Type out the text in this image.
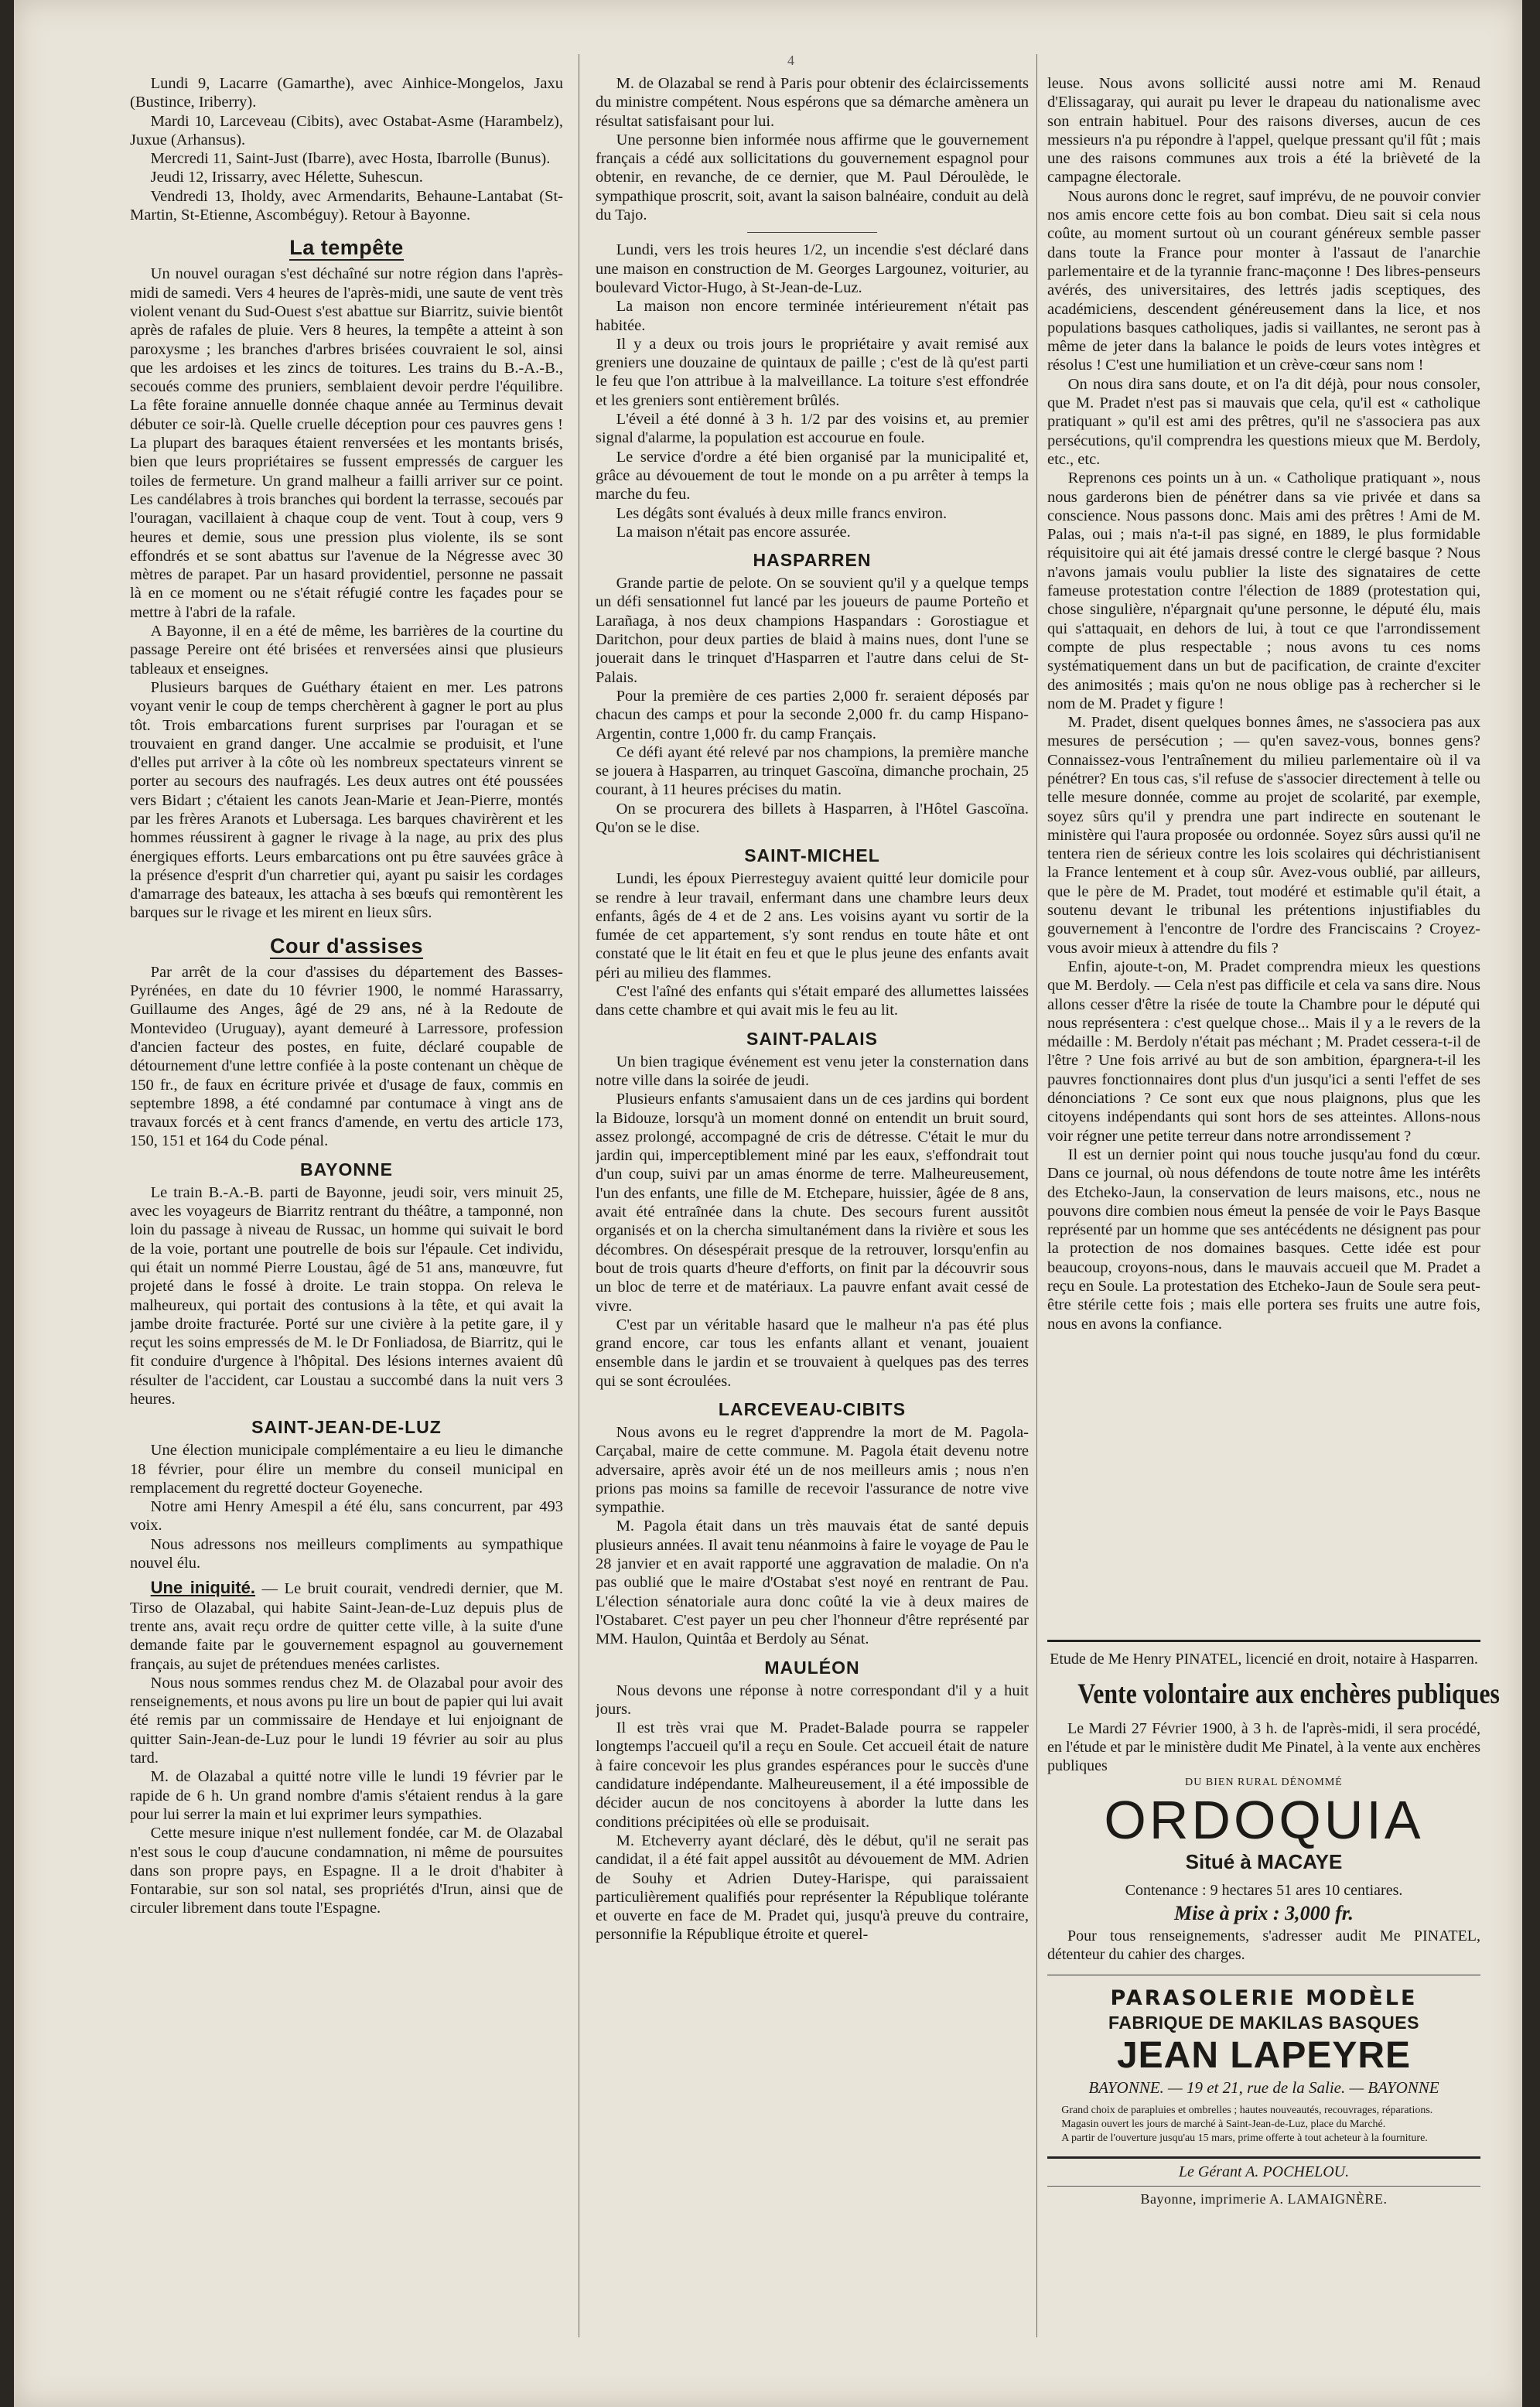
4

Lundi 9, Lacarre (Gamarthe), avec Ainhice-Mongelos, Jaxu (Bustince, Iriberry).

Mardi 10, Larceveau (Cibits), avec Ostabat-Asme (Harambelz), Juxue (Arhansus).

Mercredi 11, Saint-Just (Ibarre), avec Hosta, Ibarrolle (Bunus).

Jeudi 12, Irissarry, avec Hélette, Suhescun.

Vendredi 13, Iholdy, avec Armendarits, Behaune-Lantabat (St-Martin, St-Etienne, Ascombéguy). Retour à Bayonne.

La tempête

Un nouvel ouragan s'est déchaîné sur notre région dans l'après-midi de samedi. Vers 4 heures de l'après-midi, une saute de vent très violent venant du Sud-Ouest s'est abattue sur Biarritz, suivie bientôt après de rafales de pluie. Vers 8 heures, la tempête a atteint à son paroxysme ; les branches d'arbres brisées couvraient le sol, ainsi que les ardoises et les zincs de toitures. Les trains du B.-A.-B., secoués comme des pruniers, semblaient devoir perdre l'équilibre. La fête foraine annuelle donnée chaque année au Terminus devait débuter ce soir-là. Quelle cruelle déception pour ces pauvres gens ! La plupart des baraques étaient renversées et les montants brisés, bien que leurs propriétaires se fussent empressés de carguer les toiles de fermeture. Un grand malheur a failli arriver sur ce point. Les candélabres à trois branches qui bordent la terrasse, secoués par l'ouragan, vacillaient à chaque coup de vent. Tout à coup, vers 9 heures et demie, sous une pression plus violente, ils se sont effondrés et se sont abattus sur l'avenue de la Négresse avec 30 mètres de parapet. Par un hasard providentiel, personne ne passait là en ce moment ou ne s'était réfugié contre les façades pour se mettre à l'abri de la rafale.

A Bayonne, il en a été de même, les barrières de la courtine du passage Pereire ont été brisées et renversées ainsi que plusieurs tableaux et enseignes.

Plusieurs barques de Guéthary étaient en mer. Les patrons voyant venir le coup de temps cherchèrent à gagner le port au plus tôt. Trois embarcations furent surprises par l'ouragan et se trouvaient en grand danger. Une accalmie se produisit, et l'une d'elles put arriver à la côte où les nombreux spectateurs vinrent se porter au secours des naufragés. Les deux autres ont été poussées vers Bidart ; c'étaient les canots Jean-Marie et Jean-Pierre, montés par les frères Aranots et Lubersaga. Les barques chavirèrent et les hommes réussirent à gagner le rivage à la nage, au prix des plus énergiques efforts. Leurs embarcations ont pu être sauvées grâce à la présence d'esprit d'un charretier qui, ayant pu saisir les cordages d'amarrage des bateaux, les attacha à ses bœufs qui remontèrent les barques sur le rivage et les mirent en lieux sûrs.

Cour d'assises

Par arrêt de la cour d'assises du département des Basses-Pyrénées, en date du 10 février 1900, le nommé Harassarry, Guillaume des Anges, âgé de 29 ans, né à la Redoute de Montevideo (Uruguay), ayant demeuré à Larressore, profession d'ancien facteur des postes, en fuite, déclaré coupable de détournement d'une lettre confiée à la poste contenant un chèque de 150 fr., de faux en écriture privée et d'usage de faux, commis en septembre 1898, a été condamné par contumace à vingt ans de travaux forcés et à cent francs d'amende, en vertu des article 173, 150, 151 et 164 du Code pénal.

BAYONNE

Le train B.-A.-B. parti de Bayonne, jeudi soir, vers minuit 25, avec les voyageurs de Biarritz rentrant du théâtre, a tamponné, non loin du passage à niveau de Russac, un homme qui suivait le bord de la voie, portant une poutrelle de bois sur l'épaule. Cet individu, qui était un nommé Pierre Loustau, âgé de 51 ans, manœuvre, fut projeté dans le fossé à droite. Le train stoppa. On releva le malheureux, qui portait des contusions à la tête, et qui avait la jambe droite fracturée. Porté sur une civière à la petite gare, il y reçut les soins empressés de M. le Dr Fonliadosa, de Biarritz, qui le fit conduire d'urgence à l'hôpital. Des lésions internes avaient dû résulter de l'accident, car Loustau a succombé dans la nuit vers 3 heures.

SAINT-JEAN-DE-LUZ

Une élection municipale complémentaire a eu lieu le dimanche 18 février, pour élire un membre du conseil municipal en remplacement du regretté docteur Goyeneche.

Notre ami Henry Amespil a été élu, sans concurrent, par 493 voix.

Nous adressons nos meilleurs compliments au sympathique nouvel élu.

Une iniquité. — Le bruit courait, vendredi dernier, que M. Tirso de Olazabal, qui habite Saint-Jean-de-Luz depuis plus de trente ans, avait reçu ordre de quitter cette ville, à la suite d'une demande faite par le gouvernement espagnol au gouvernement français, au sujet de prétendues menées carlistes.

Nous nous sommes rendus chez M. de Olazabal pour avoir des renseignements, et nous avons pu lire un bout de papier qui lui avait été remis par un commissaire de Hendaye et lui enjoignant de quitter Sain-Jean-de-Luz pour le lundi 19 février au soir au plus tard.

M. de Olazabal a quitté notre ville le lundi 19 février par le rapide de 6 h. Un grand nombre d'amis s'étaient rendus à la gare pour lui serrer la main et lui exprimer leurs sympathies.

Cette mesure inique n'est nullement fondée, car M. de Olazabal n'est sous le coup d'aucune condamnation, ni même de poursuites dans son propre pays, en Espagne. Il a le droit d'habiter à Fontarabie, sur son sol natal, ses propriétés d'Irun, ainsi que de circuler librement dans toute l'Espagne.

M. de Olazabal se rend à Paris pour obtenir des éclaircissements du ministre compétent. Nous espérons que sa démarche amènera un résultat satisfaisant pour lui.

Une personne bien informée nous affirme que le gouvernement français a cédé aux sollicitations du gouvernement espagnol pour obtenir, en revanche, de ce dernier, que M. Paul Déroulède, le sympathique proscrit, soit, avant la saison balnéaire, conduit au delà du Tajo.

Lundi, vers les trois heures 1/2, un incendie s'est déclaré dans une maison en construction de M. Georges Largounez, voiturier, au boulevard Victor-Hugo, à St-Jean-de-Luz.

La maison non encore terminée intérieurement n'était pas habitée.

Il y a deux ou trois jours le propriétaire y avait remisé aux greniers une douzaine de quintaux de paille ; c'est de là qu'est parti le feu que l'on attribue à la malveillance. La toiture s'est effondrée et les greniers sont entièrement brûlés.

L'éveil a été donné à 3 h. 1/2 par des voisins et, au premier signal d'alarme, la population est accourue en foule.

Le service d'ordre a été bien organisé par la municipalité et, grâce au dévouement de tout le monde on a pu arrêter à temps la marche du feu.

Les dégâts sont évalués à deux mille francs environ.

La maison n'était pas encore assurée.

HASPARREN

Grande partie de pelote. On se souvient qu'il y a quelque temps un défi sensationnel fut lancé par les joueurs de paume Porteño et Larañaga, à nos deux champions Haspandars : Gorostiague et Daritchon, pour deux parties de blaid à mains nues, dont l'une se jouerait dans le trinquet d'Hasparren et l'autre dans celui de St-Palais.

Pour la première de ces parties 2,000 fr. seraient déposés par chacun des camps et pour la seconde 2,000 fr. du camp Hispano-Argentin, contre 1,000 fr. du camp Français.

Ce défi ayant été relevé par nos champions, la première manche se jouera à Hasparren, au trinquet Gascoïna, dimanche prochain, 25 courant, à 11 heures précises du matin.

On se procurera des billets à Hasparren, à l'Hôtel Gascoïna. Qu'on se le dise.

SAINT-MICHEL

Lundi, les époux Pierresteguy avaient quitté leur domicile pour se rendre à leur travail, enfermant dans une chambre leurs deux enfants, âgés de 4 et de 2 ans. Les voisins ayant vu sortir de la fumée de cet appartement, s'y sont rendus en toute hâte et ont constaté que le lit était en feu et que le plus jeune des enfants avait péri au milieu des flammes.

C'est l'aîné des enfants qui s'était emparé des allumettes laissées dans cette chambre et qui avait mis le feu au lit.

SAINT-PALAIS

Un bien tragique événement est venu jeter la consternation dans notre ville dans la soirée de jeudi.

Plusieurs enfants s'amusaient dans un de ces jardins qui bordent la Bidouze, lorsqu'à un moment donné on entendit un bruit sourd, assez prolongé, accompagné de cris de détresse. C'était le mur du jardin qui, imperceptiblement miné par les eaux, s'effondrait tout d'un coup, suivi par un amas énorme de terre. Malheureusement, l'un des enfants, une fille de M. Etchepare, huissier, âgée de 8 ans, avait été entraînée dans la chute. Des secours furent aussitôt organisés et on la chercha simultanément dans la rivière et sous les décombres. On désespérait presque de la retrouver, lorsqu'enfin au bout de trois quarts d'heure d'efforts, on finit par la découvrir sous un bloc de terre et de matériaux. La pauvre enfant avait cessé de vivre.

C'est par un véritable hasard que le malheur n'a pas été plus grand encore, car tous les enfants allant et venant, jouaient ensemble dans le jardin et se trouvaient à quelques pas des terres qui se sont écroulées.

LARCEVEAU-CIBITS

Nous avons eu le regret d'apprendre la mort de M. Pagola-Carçabal, maire de cette commune. M. Pagola était devenu notre adversaire, après avoir été un de nos meilleurs amis ; nous n'en prions pas moins sa famille de recevoir l'assurance de notre vive sympathie.

M. Pagola était dans un très mauvais état de santé depuis plusieurs années. Il avait tenu néanmoins à faire le voyage de Pau le 28 janvier et en avait rapporté une aggravation de maladie. On n'a pas oublié que le maire d'Ostabat s'est noyé en rentrant de Pau. L'élection sénatoriale aura donc coûté la vie à deux maires de l'Ostabaret. C'est payer un peu cher l'honneur d'être représenté par MM. Haulon, Quintâa et Berdoly au Sénat.

MAULÉON

Nous devons une réponse à notre correspondant d'il y a huit jours.

Il est très vrai que M. Pradet-Balade pourra se rappeler longtemps l'accueil qu'il a reçu en Soule. Cet accueil était de nature à faire concevoir les plus grandes espérances pour le succès d'une candidature indépendante. Malheureusement, il a été impossible de décider aucun de nos concitoyens à aborder la lutte dans les conditions précipitées où elle se produisait.

M. Etcheverry ayant déclaré, dès le début, qu'il ne serait pas candidat, il a été fait appel aussitôt au dévouement de MM. Adrien de Souhy et Adrien Dutey-Harispe, qui paraissaient particulièrement qualifiés pour représenter la République tolérante et ouverte en face de M. Pradet qui, jusqu'à preuve du contraire, personnifie la République étroite et querel-

leuse. Nous avons sollicité aussi notre ami M. Renaud d'Elissagaray, qui aurait pu lever le drapeau du nationalisme avec son entrain habituel. Pour des raisons diverses, aucun de ces messieurs n'a pu répondre à l'appel, quelque pressant qu'il fût ; mais une des raisons communes aux trois a été la brièveté de la campagne électorale.

Nous aurons donc le regret, sauf imprévu, de ne pouvoir convier nos amis encore cette fois au bon combat. Dieu sait si cela nous coûte, au moment surtout où un courant généreux semble passer dans toute la France pour monter à l'assaut de l'anarchie parlementaire et de la tyrannie franc-maçonne ! Des libres-penseurs avérés, des universitaires, des lettrés jadis sceptiques, des académiciens, descendent généreusement dans la lice, et nos populations basques catholiques, jadis si vaillantes, ne seront pas à même de jeter dans la balance le poids de leurs votes intègres et résolus ! C'est une humiliation et un crève-cœur sans nom !

On nous dira sans doute, et on l'a dit déjà, pour nous consoler, que M. Pradet n'est pas si mauvais que cela, qu'il est « catholique pratiquant » qu'il est ami des prêtres, qu'il ne s'associera pas aux persécutions, qu'il comprendra les questions mieux que M. Berdoly, etc., etc.

Reprenons ces points un à un. « Catholique pratiquant », nous nous garderons bien de pénétrer dans sa vie privée et dans sa conscience. Nous passons donc. Mais ami des prêtres ! Ami de M. Palas, oui ; mais n'a-t-il pas signé, en 1889, le plus formidable réquisitoire qui ait été jamais dressé contre le clergé basque ? Nous n'avons jamais voulu publier la liste des signataires de cette fameuse protestation contre l'élection de 1889 (protestation qui, chose singulière, n'épargnait qu'une personne, le député élu, mais qui s'attaquait, en dehors de lui, à tout ce que l'arrondissement compte de plus respectable ; nous avons tu ces noms systématiquement dans un but de pacification, de crainte d'exciter des animosités ; mais qu'on ne nous oblige pas à rechercher si le nom de M. Pradet y figure !

M. Pradet, disent quelques bonnes âmes, ne s'associera pas aux mesures de persécution ; — qu'en savez-vous, bonnes gens? Connaissez-vous l'entraînement du milieu parlementaire où il va pénétrer? En tous cas, s'il refuse de s'associer directement à telle ou telle mesure donnée, comme au projet de scolarité, par exemple, soyez sûrs qu'il y prendra une part indirecte en soutenant le ministère qui l'aura proposée ou ordonnée. Soyez sûrs aussi qu'il ne tentera rien de sérieux contre les lois scolaires qui déchristianisent la France lentement et à coup sûr. Avez-vous oublié, par ailleurs, que le père de M. Pradet, tout modéré et estimable qu'il était, a soutenu devant le tribunal les prétentions injustifiables du gouvernement à l'encontre de l'ordre des Franciscains ? Croyez-vous avoir mieux à attendre du fils ?

Enfin, ajoute-t-on, M. Pradet comprendra mieux les questions que M. Berdoly. — Cela n'est pas difficile et cela va sans dire. Nous allons cesser d'être la risée de toute la Chambre pour le député qui nous représentera : c'est quelque chose... Mais il y a le revers de la médaille : M. Berdoly n'était pas méchant ; M. Pradet cessera-t-il de l'être ? Une fois arrivé au but de son ambition, épargnera-t-il les pauvres fonctionnaires dont plus d'un jusqu'ici a senti l'effet de ses dénonciations ? Ce sont eux que nous plaignons, plus que les citoyens indépendants qui sont hors de ses atteintes. Allons-nous voir régner une petite terreur dans notre arrondissement ?

Il est un dernier point qui nous touche jusqu'au fond du cœur. Dans ce journal, où nous défendons de toute notre âme les intérêts des Etcheko-Jaun, la conservation de leurs maisons, etc., nous ne pouvons dire combien nous émeut la pensée de voir le Pays Basque représenté par un homme que ses antécédents ne désignent pas pour la protection de nos domaines basques. Cette idée est pour beaucoup, croyons-nous, dans le mauvais accueil que M. Pradet a reçu en Soule. La protestation des Etcheko-Jaun de Soule sera peut-être stérile cette fois ; mais elle portera ses fruits une autre fois, nous en avons la confiance.

Etude de Me Henry PINATEL, licencié en droit, notaire à Hasparren.
Vente volontaire aux enchères publiques
Le Mardi 27 Février 1900, à 3 h. de l'après-midi, il sera procédé, en l'étude et par le ministère dudit Me Pinatel, à la vente aux enchères publiques
DU BIEN RURAL DÉNOMMÉ
ORDOQUIA
Situé à MACAYE
Contenance : 9 hectares 51 ares 10 centiares.
Mise à prix : 3,000 fr.
Pour tous renseignements, s'adresser audit Me PINATEL, détenteur du cahier des charges.
PARASOLERIE MODÈLE
FABRIQUE DE MAKILAS BASQUES
JEAN LAPEYRE
BAYONNE. — 19 et 21, rue de la Salie. — BAYONNE
Grand choix de parapluies et ombrelles ; hautes nouveautés, recouvrages, réparations.
Magasin ouvert les jours de marché à Saint-Jean-de-Luz, place du Marché.
A partir de l'ouverture jusqu'au 15 mars, prime offerte à tout acheteur à la fourniture.
Le Gérant A. POCHELOU.
Bayonne, imprimerie A. LAMAIGNÈRE.
